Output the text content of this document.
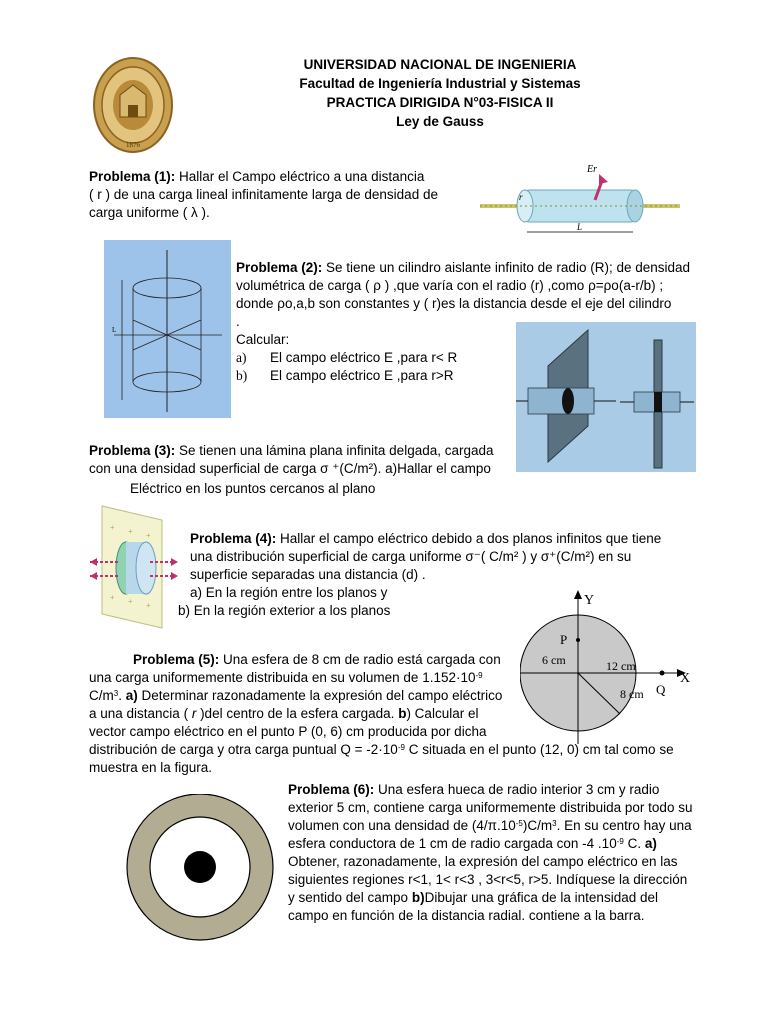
1876
UNIVERSIDAD NACIONAL DE INGENIERIA
Facultad de Ingeniería Industrial y Sistemas
PRACTICA DIRIGIDA N°03-FISICA II
Ley de Gauss
Problema (1): Hallar el Campo eléctrico a una distancia
( r ) de una carga lineal infinitamente larga de densidad de
carga uniforme ( λ ).
Er
r
L
L
Problema (2): Se tiene un cilindro aislante infinito de radio (R); de densidad
volumétrica de carga ( ρ ) ,que varía con el radio (r) ,como ρ=ρo(a-r/b) ;
donde ρo,a,b son constantes y ( r)es la distancia desde el eje del cilindro
.
Calcular:
a) El campo eléctrico E ,para r< R
b) El campo eléctrico E ,para r>R
Problema (3): Se tienen una lámina plana infinita delgada, cargada
con una densidad superficial de carga σ ⁺(C/m²). a)Hallar el campo
Eléctrico en los puntos cercanos al plano
+ + +
+ + +
Problema (4): Hallar el campo eléctrico debido a dos planos infinitos que tiene
una distribución superficial de carga uniforme σ⁻( C/m² ) y σ⁺(C/m²) en su
superficie separadas una distancia (d) .
a) En la región entre los planos y
b) En la región exterior a los planos
Y
P
6 cm	12 cm
8 cm Q
X
Problema (5): Una esfera de 8 cm de radio está cargada con
una carga uniformemente distribuida en su volumen de $1.152\cdot 10^{-9}$
$C/m^3$. a) Determinar razonadamente la expresión del campo eléctrico
a una distancia ( r )del centro de la esfera cargada. b) Calcular el
vector campo eléctrico en el punto P (0, 6) cm producida por dicha
distribución de carga y otra carga puntual $Q = -2\cdot 10^{-9}$ C situada en el punto (12, 0) cm tal como se
muestra en la figura.
Problema (6): Una esfera hueca de radio interior 3 cm y radio
exterior 5 cm, contiene carga uniformemente distribuida por todo su
volumen con una densidad de $(4/\pi.10^{-5})C/m^3$. En su centro hay una
esfera conductora de 1 cm de radio cargada con -4 $.10^{-9}$ C. a)
Obtener, razonadamente, la expresión del campo eléctrico en las
siguientes regiones r<1, 1< r<3 , 3<r<5, r>5. Indíquese la dirección
y sentido del campo b)Dibujar una gráfica de la intensidad del
campo en función de la distancia radial. contiene a la barra.
